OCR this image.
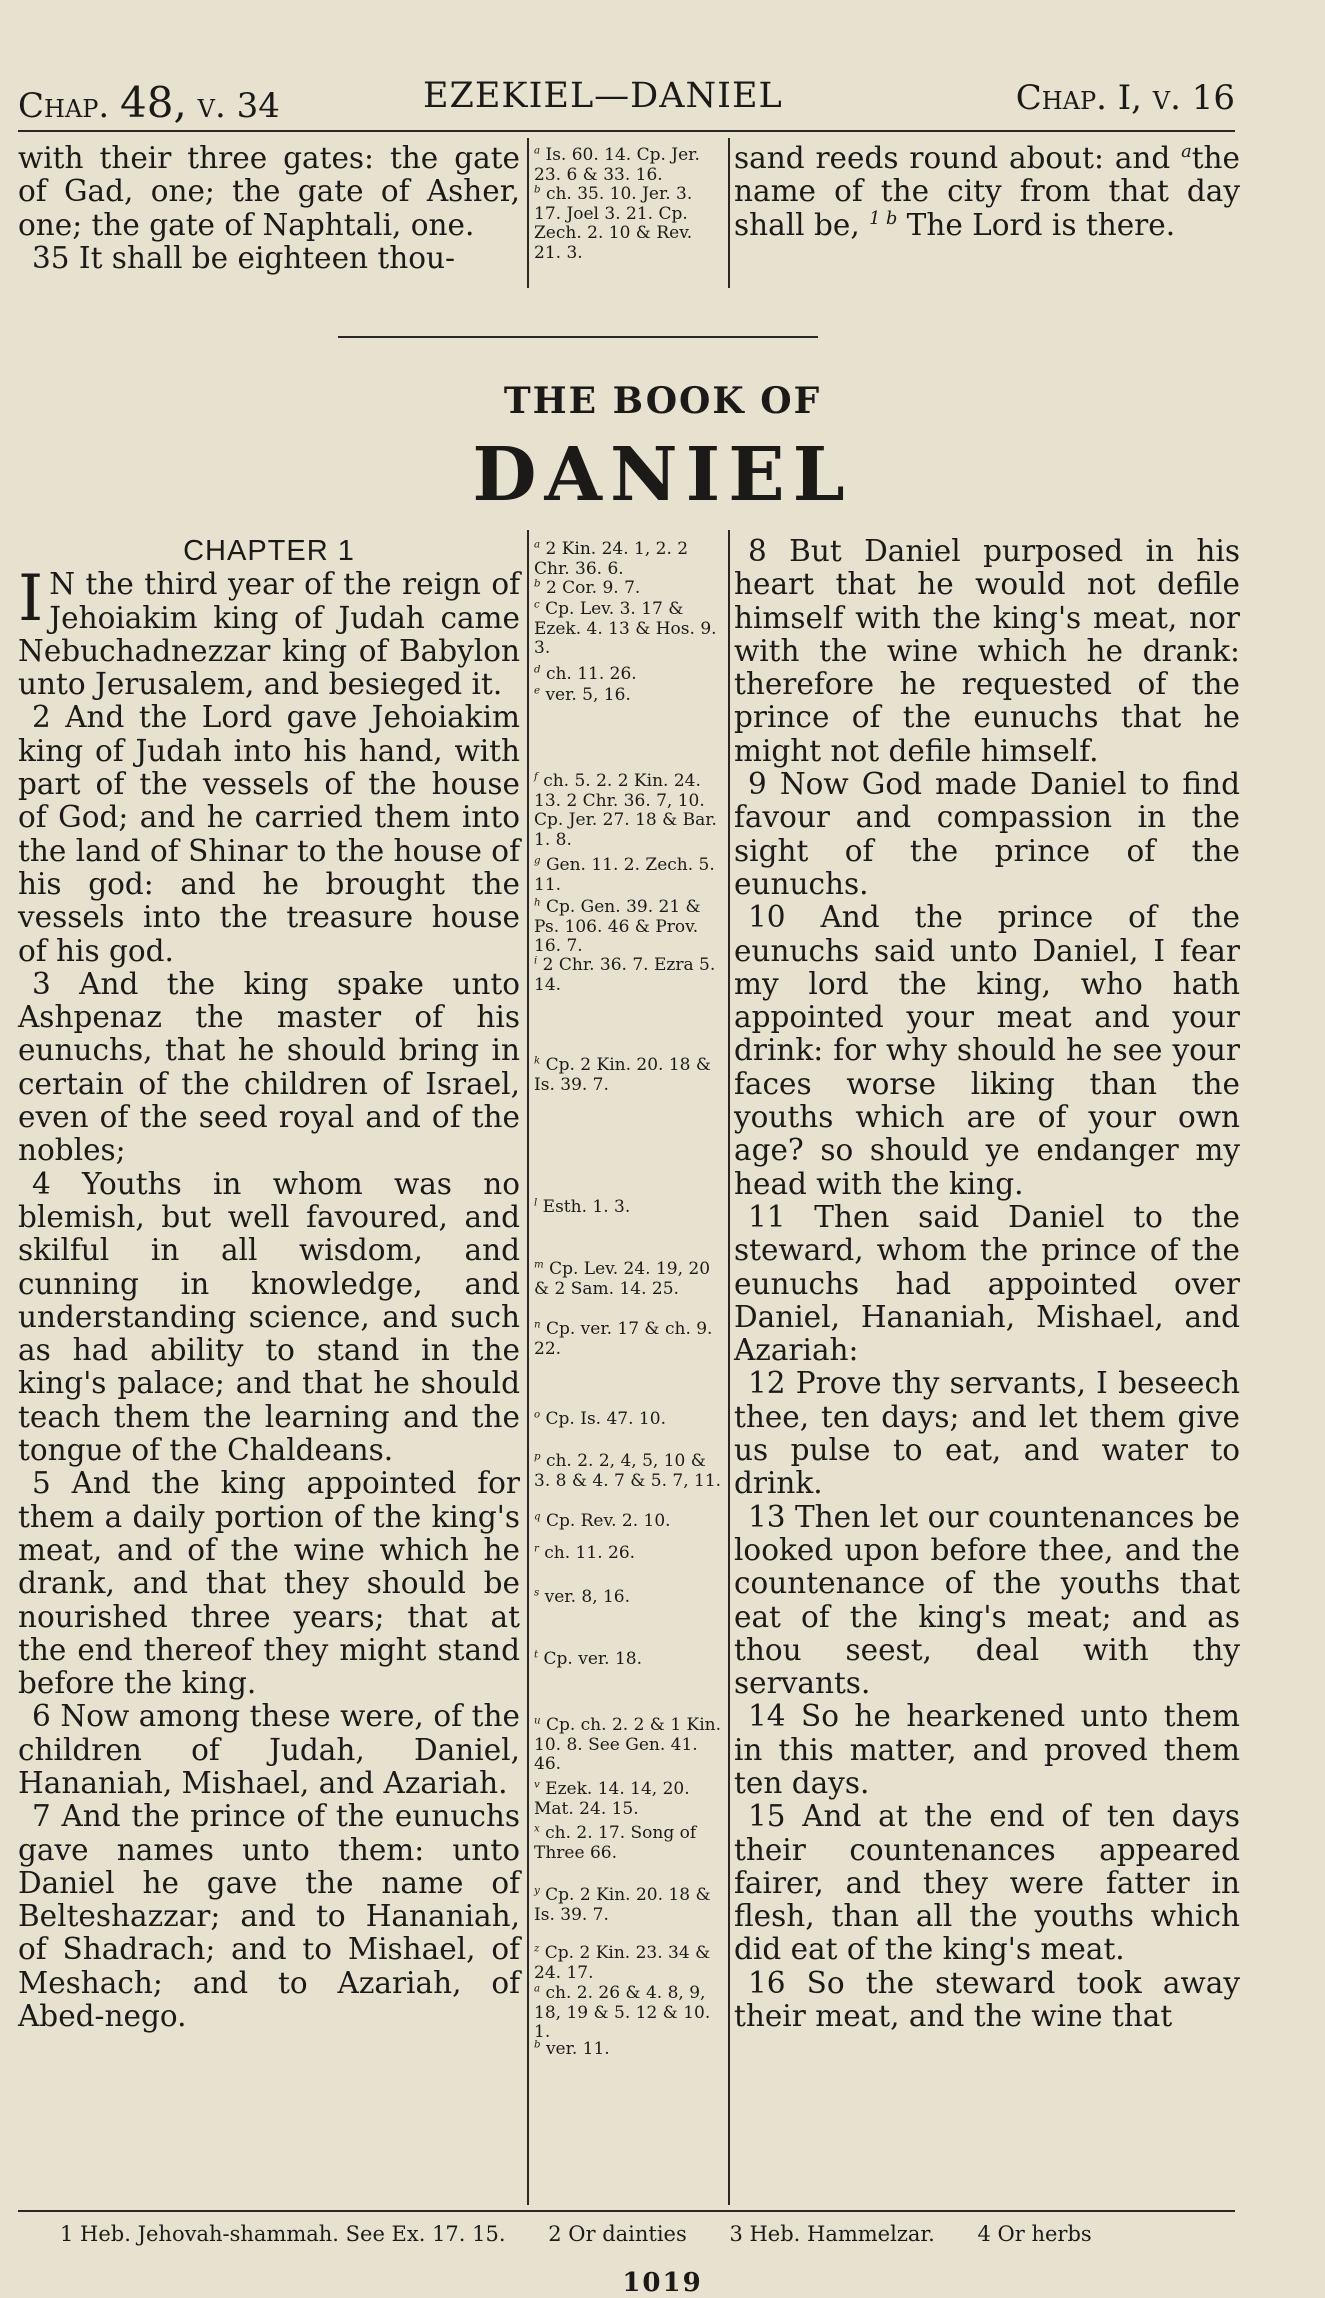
Chap. 48, v. 34	EZEKIEL—DANIEL	Chap. I, v. 16

with their three gates: the gate of Gad, one; the gate of Asher, one; the gate of Naphtali, one.

35 It shall be eighteen thou-

$^a$ Is. 60. 14. Cp. Jer. 23. 6 & 33. 16.
$^b$ ch. 35. 10. Jer. 3. 17. Joel 3. 21. Cp. Zech. 2. 10 & Rev. 21. 3.

sand reeds round about: and $^a$the name of the city from that day shall be, $^{1 b}$ The Lord is there.

THE BOOK OF
DANIEL
CHAPTER 1

I N the third year of the reign of Jehoiakim king of Judah came Nebuchadnezzar king of Babylon unto Jerusalem, and besieged it.

2 And the Lord gave Jehoiakim king of Judah into his hand, with part of the vessels of the house of God; and he carried them into the land of Shinar to the house of his god: and he brought the vessels into the treasure house of his god.

3 And the king spake unto Ashpenaz the master of his eunuchs, that he should bring in certain of the children of Israel, even of the seed royal and of the nobles;

4 Youths in whom was no blemish, but well favoured, and skilful in all wisdom, and cunning in knowledge, and understanding science, and such as had ability to stand in the king's palace; and that he should teach them the learning and the tongue of the Chaldeans.

5 And the king appointed for them a daily portion of the king's meat, and of the wine which he drank, and that they should be nourished three years; that at the end thereof they might stand before the king.

6 Now among these were, of the children of Judah, Daniel, Hananiah, Mishael, and Azariah.

7 And the prince of the eunuchs gave names unto them: unto Daniel he gave the name of Belteshazzar; and to Hananiah, of Shadrach; and to Mishael, of Meshach; and to Azariah, of Abed-nego.

$^a$ 2 Kin. 24. 1, 2. 2 Chr. 36. 6.
$^b$ 2 Cor. 9. 7.
$^c$ Cp. Lev. 3. 17 & Ezek. 4. 13 & Hos. 9. 3.
$^d$ ch. 11. 26.
$^e$ ver. 5, 16.
$^f$ ch. 5. 2. 2 Kin. 24. 13. 2 Chr. 36. 7, 10. Cp. Jer. 27. 18 & Bar. 1. 8.
$^g$ Gen. 11. 2. Zech. 5. 11.
$^h$ Cp. Gen. 39. 21 & Ps. 106. 46 & Prov. 16. 7.
$^i$ 2 Chr. 36. 7. Ezra 5. 14.
$^k$ Cp. 2 Kin. 20. 18 & Is. 39. 7.
$^l$ Esth. 1. 3.
$^m$ Cp. Lev. 24. 19, 20 & 2 Sam. 14. 25.
$^n$ Cp. ver. 17 & ch. 9. 22.
$^o$ Cp. Is. 47. 10.
$^p$ ch. 2. 2, 4, 5, 10 & 3. 8 & 4. 7 & 5. 7, 11.
$^q$ Cp. Rev. 2. 10.
$^r$ ch. 11. 26.
$^s$ ver. 8, 16.
$^t$ Cp. ver. 18.
$^u$ Cp. ch. 2. 2 & 1 Kin. 10. 8. See Gen. 41. 46.
$^v$ Ezek. 14. 14, 20. Mat. 24. 15.
$^x$ ch. 2. 17. Song of Three 66.
$^y$ Cp. 2 Kin. 20. 18 & Is. 39. 7.
$^z$ Cp. 2 Kin. 23. 34 & 24. 17.
$^a$ ch. 2. 26 & 4. 8, 9, 18, 19 & 5. 12 & 10. 1.
$^b$ ver. 11.

8 But Daniel purposed in his heart that he would not defile himself with the king's meat, nor with the wine which he drank: therefore he requested of the prince of the eunuchs that he might not defile himself.

9 Now God made Daniel to find favour and compassion in the sight of the prince of the eunuchs.

10 And the prince of the eunuchs said unto Daniel, I fear my lord the king, who hath appointed your meat and your drink: for why should he see your faces worse liking than the youths which are of your own age? so should ye endanger my head with the king.

11 Then said Daniel to the steward, whom the prince of the eunuchs had appointed over Daniel, Hananiah, Mishael, and Azariah:

12 Prove thy servants, I beseech thee, ten days; and let them give us pulse to eat, and water to drink.

13 Then let our countenances be looked upon before thee, and the countenance of the youths that eat of the king's meat; and as thou seest, deal with thy servants.

14 So he hearkened unto them in this matter, and proved them ten days.

15 And at the end of ten days their countenances appeared fairer, and they were fatter in flesh, than all the youths which did eat of the king's meat.

16 So the steward took away their meat, and the wine that

1 Heb. Jehovah-shammah. See Ex. 17. 15. 2 Or dainties 3 Heb. Hammelzar. 4 Or herbs
1019
